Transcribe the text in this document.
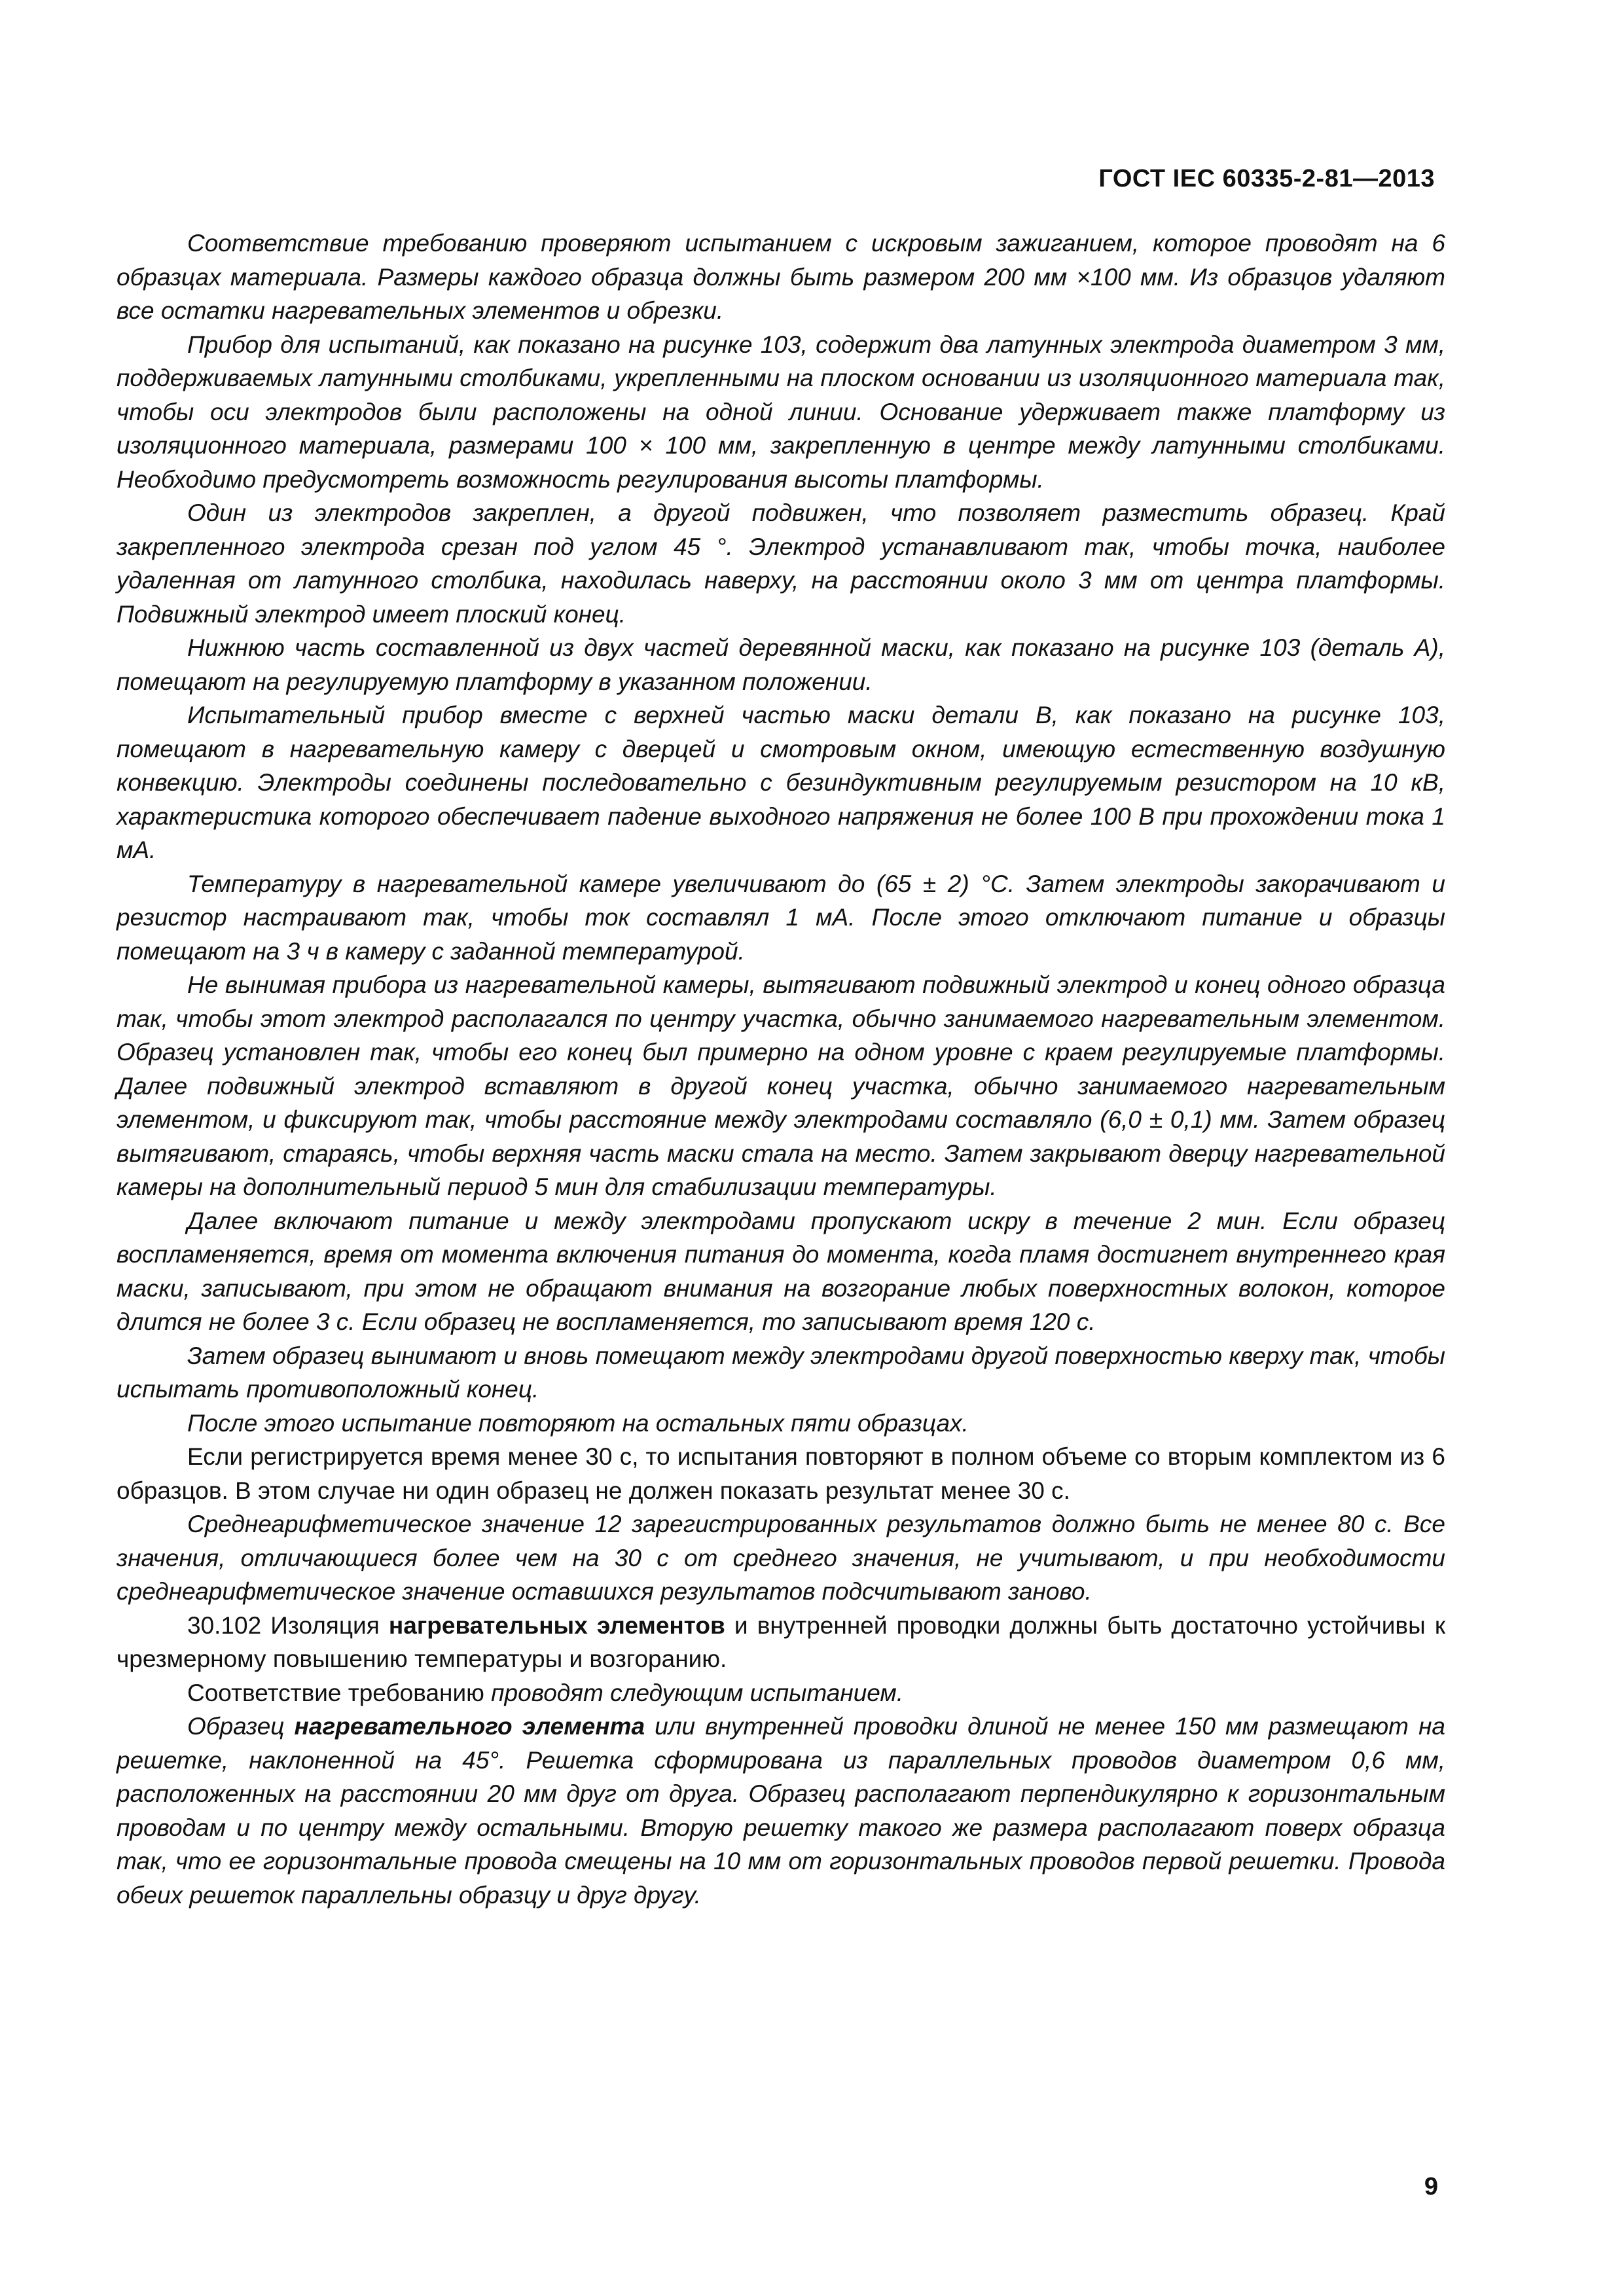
ГОСТ IEC 60335-2-81—2013

Соответствие требованию проверяют испытанием с искровым зажиганием, которое проводят на 6 образцах материала. Размеры каждого образца должны быть размером 200 мм ×100 мм. Из образцов удаляют все остатки нагревательных элементов и обрезки.

Прибор для испытаний, как показано на рисунке 103, содержит два латунных электрода диаметром 3 мм, поддерживаемых латунными столбиками, укрепленными на плоском основании из изоляционного материала так, чтобы оси электродов были расположены на одной линии. Основание удерживает также платформу из изоляционного материала, размерами 100 × 100 мм, закрепленную в центре между латунными столбиками. Необходимо предусмотреть возможность регулирования высоты платформы.

Один из электродов закреплен, а другой подвижен, что позволяет разместить образец. Край закрепленного электрода срезан под углом 45 °. Электрод устанавливают так, чтобы точка, наиболее удаленная от латунного столбика, находилась наверху, на расстоянии около 3 мм от центра платформы. Подвижный электрод имеет плоский конец.

Нижнюю часть составленной из двух частей деревянной маски, как показано на рисунке 103 (деталь А), помещают на регулируемую платформу в указанном положении.

Испытательный прибор вместе с верхней частью маски детали В, как показано на рисунке 103, помещают в нагревательную камеру с дверцей и смотровым окном, имеющую естественную воздушную конвекцию. Электроды соединены последовательно с безиндуктивным регулируемым резистором на 10 кВ, характеристика которого обеспечивает падение выходного напряжения не более 100 В при прохождении тока 1 мА.

Температуру в нагревательной камере увеличивают до (65 ± 2) °С. Затем электроды закорачивают и резистор настраивают так, чтобы ток составлял 1 мА. После этого отключают питание и образцы помещают на 3 ч в камеру с заданной температурой.

Не вынимая прибора из нагревательной камеры, вытягивают подвижный электрод и конец одного образца так, чтобы этот электрод располагался по центру участка, обычно занимаемого нагревательным элементом. Образец установлен так, чтобы его конец был примерно на одном уровне с краем регулируемые платформы. Далее подвижный электрод вставляют в другой конец участка, обычно занимаемого нагревательным элементом, и фиксируют так, чтобы расстояние между электродами составляло (6,0 ± 0,1) мм. Затем образец вытягивают, стараясь, чтобы верхняя часть маски стала на место. Затем закрывают дверцу нагревательной камеры на дополнительный период 5 мин для стабилизации температуры.

Далее включают питание и между электродами пропускают искру в течение 2 мин. Если образец воспламеняется, время от момента включения питания до момента, когда пламя достигнет внутреннего края маски, записывают, при этом не обращают внимания на возгорание любых поверхностных волокон, которое длится не более 3 с. Если образец не воспламеняется, то записывают время 120 с.

Затем образец вынимают и вновь помещают между электродами другой поверхностью кверху так, чтобы испытать противоположный конец.

После этого испытание повторяют на остальных пяти образцах.

Если регистрируется время менее 30 с, то испытания повторяют в полном объеме со вторым комплектом из 6 образцов. В этом случае ни один образец не должен показать результат менее 30 с.

Среднеарифметическое значение 12 зарегистрированных результатов должно быть не менее 80 с. Все значения, отличающиеся более чем на 30 с от среднего значения, не учитывают, и при необходимости среднеарифметическое значение оставшихся результатов подсчитывают заново.

30.102 Изоляция нагревательных элементов и внутренней проводки должны быть достаточно устойчивы к чрезмерному повышению температуры и возгоранию.

Соответствие требованию проводят следующим испытанием.

Образец нагревательного элемента или внутренней проводки длиной не менее 150 мм размещают на решетке, наклоненной на 45°. Решетка сформирована из параллельных проводов диаметром 0,6 мм, расположенных на расстоянии 20 мм друг от друга. Образец располагают перпендикулярно к горизонтальным проводам и по центру между остальными. Вторую решетку такого же размера располагают поверх образца так, что ее горизонтальные провода смещены на 10 мм от горизонтальных проводов первой решетки. Провода обеих решеток параллельны образцу и друг другу.

9
